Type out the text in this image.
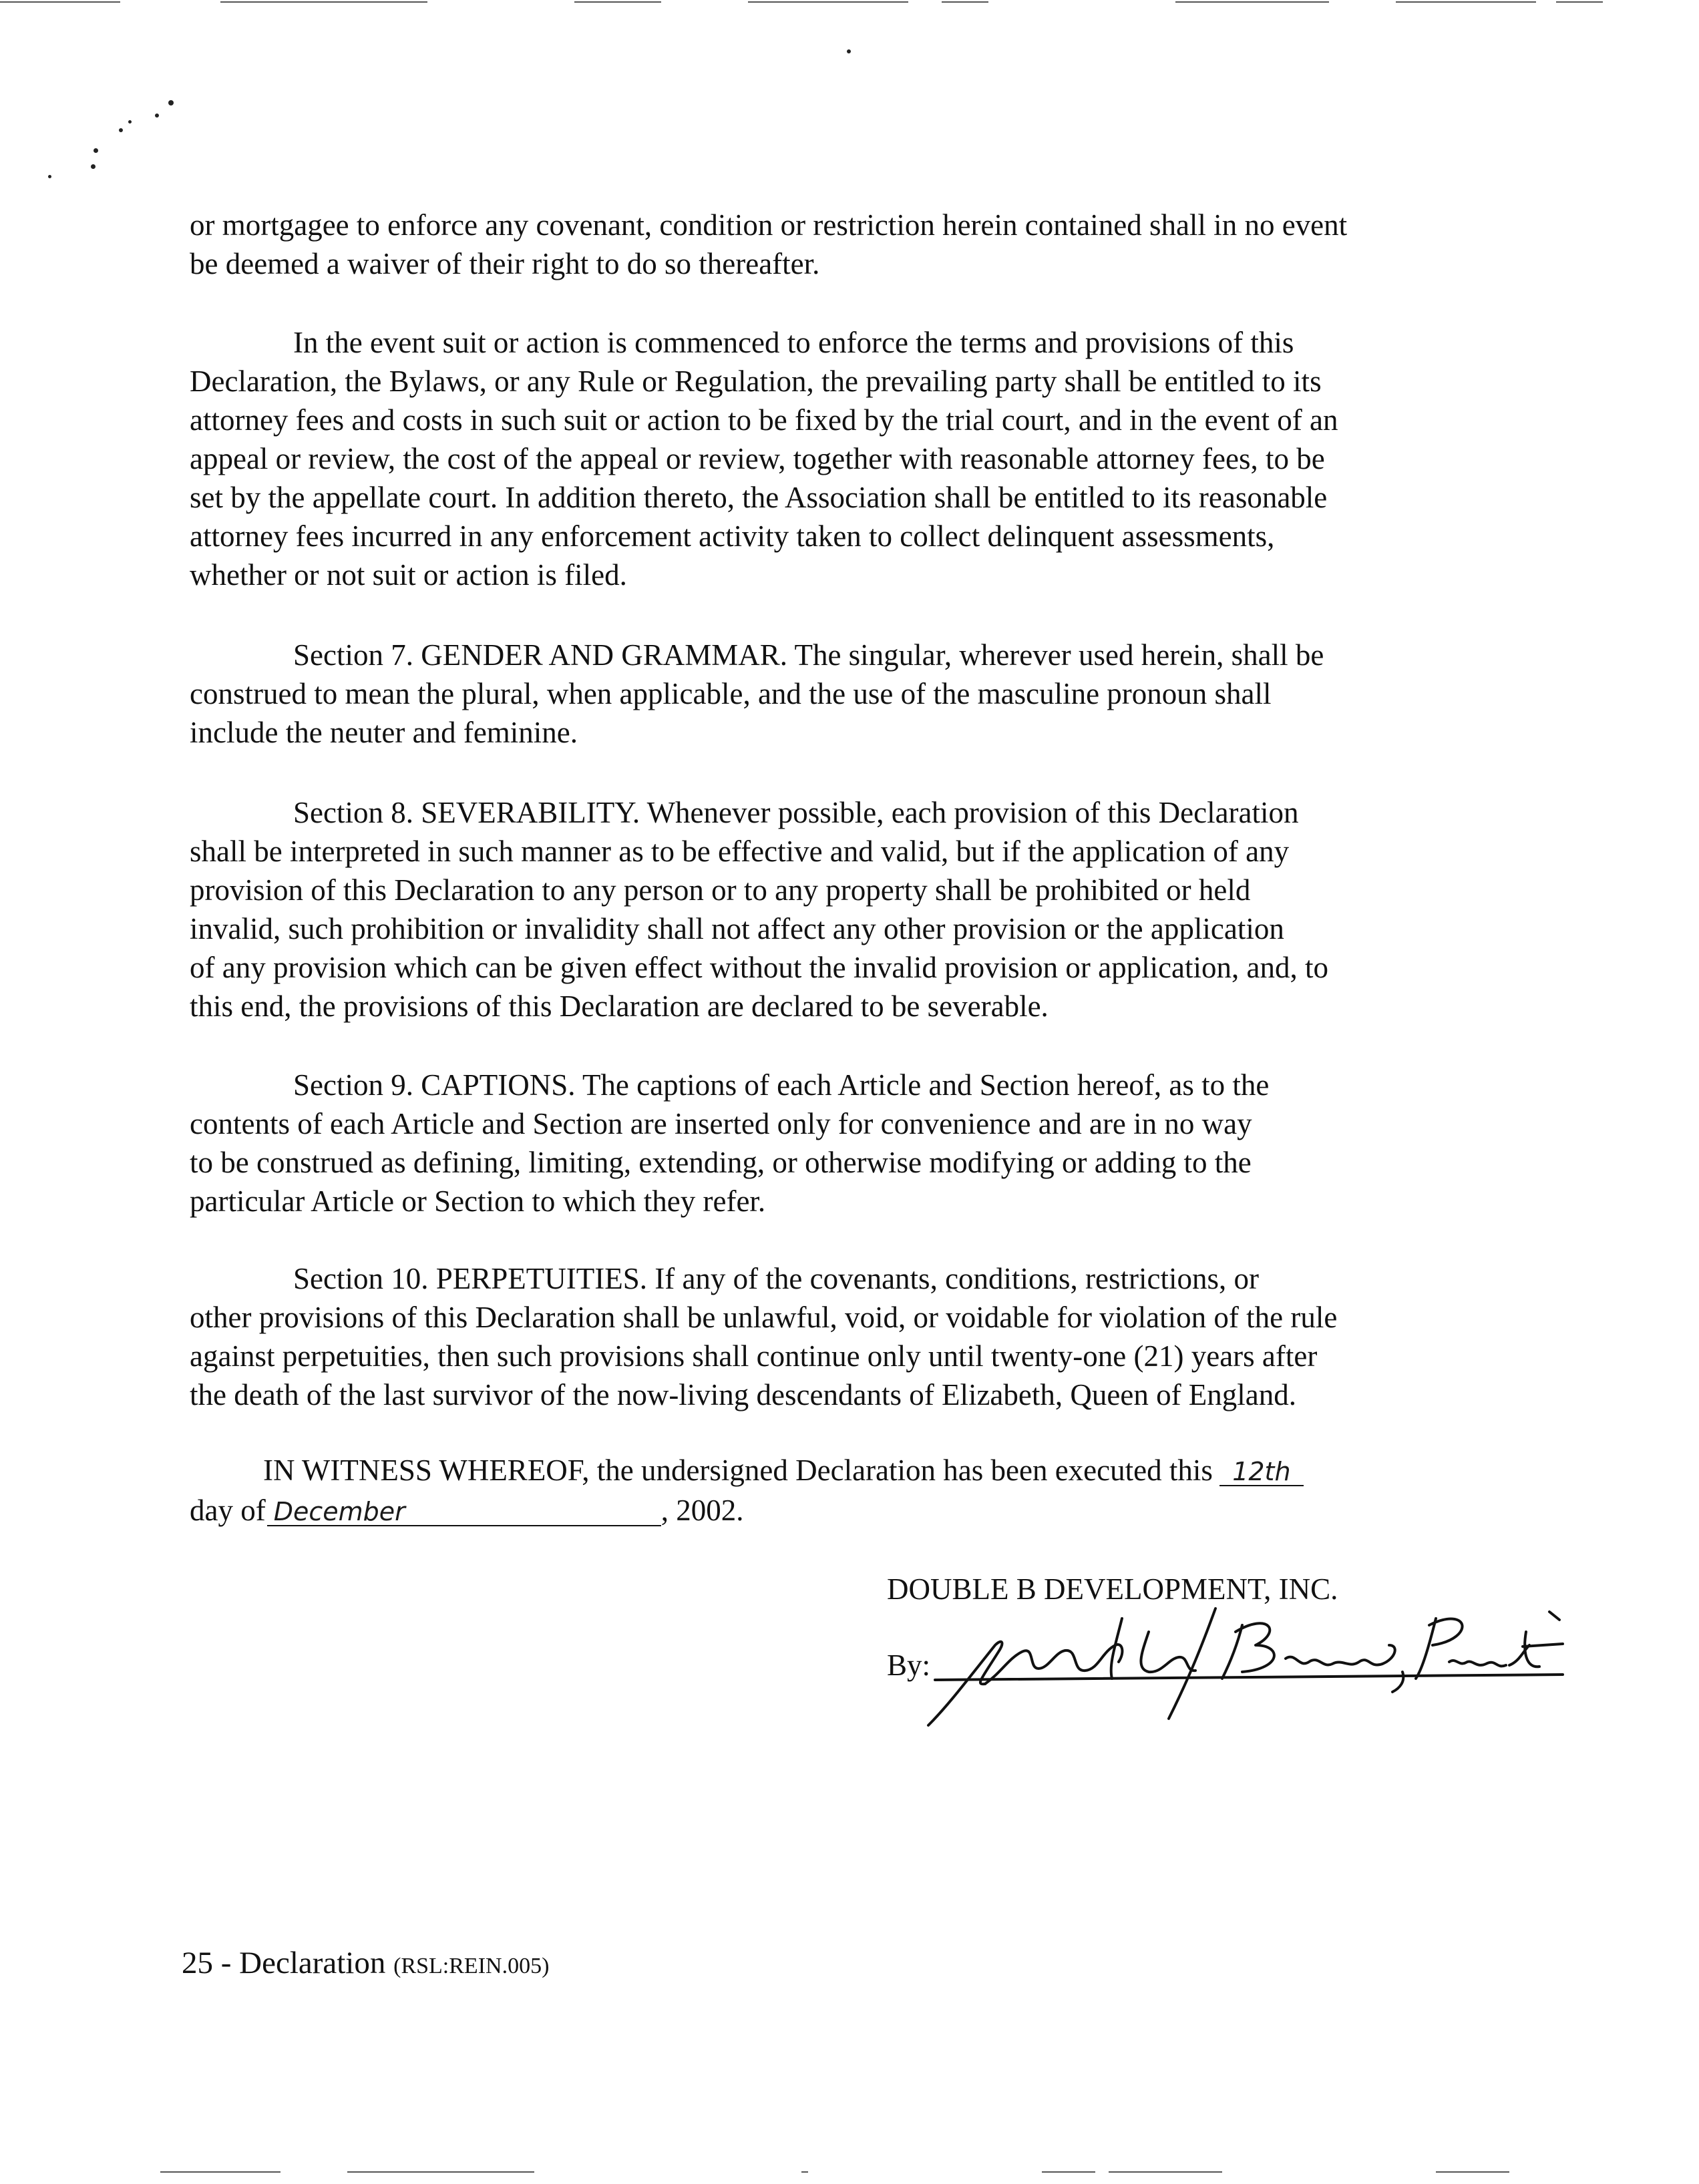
or mortgagee to enforce any covenant, condition or restriction herein contained shall in no event
be deemed a waiver of their right to do so thereafter.

In the event suit or action is commenced to enforce the terms and provisions of this
Declaration, the Bylaws, or any Rule or Regulation, the prevailing party shall be entitled to its
attorney fees and costs in such suit or action to be fixed by the trial court, and in the event of an
appeal or review, the cost of the appeal or review, together with reasonable attorney fees, to be
set by the appellate court. In addition thereto, the Association shall be entitled to its reasonable
attorney fees incurred in any enforcement activity taken to collect delinquent assessments,
whether or not suit or action is filed.

Section 7. GENDER AND GRAMMAR. The singular, wherever used herein, shall be
construed to mean the plural, when applicable, and the use of the masculine pronoun shall
include the neuter and feminine.

Section 8. SEVERABILITY. Whenever possible, each provision of this Declaration
shall be interpreted in such manner as to be effective and valid, but if the application of any
provision of this Declaration to any person or to any property shall be prohibited or held
invalid, such prohibition or invalidity shall not affect any other provision or the application
of any provision which can be given effect without the invalid provision or application, and, to
this end, the provisions of this Declaration are declared to be severable.

Section 9. CAPTIONS. The captions of each Article and Section hereof, as to the
contents of each Article and Section are inserted only for convenience and are in no way
to be construed as defining, limiting, extending, or otherwise modifying or adding to the
particular Article or Section to which they refer.

Section 10. PERPETUITIES. If any of the covenants, conditions, restrictions, or
other provisions of this Declaration shall be unlawful, void, or voidable for violation of the rule
against perpetuities, then such provisions shall continue only until twenty-one (21) years after
the death of the last survivor of the now-living descendants of Elizabeth, Queen of England.

IN WITNESS WHEREOF, the undersigned Declaration has been executed this 12th
day of December	, 2002.
DOUBLE B DEVELOPMENT, INC.
By:
25 - Declaration (RSL:REIN.005)
